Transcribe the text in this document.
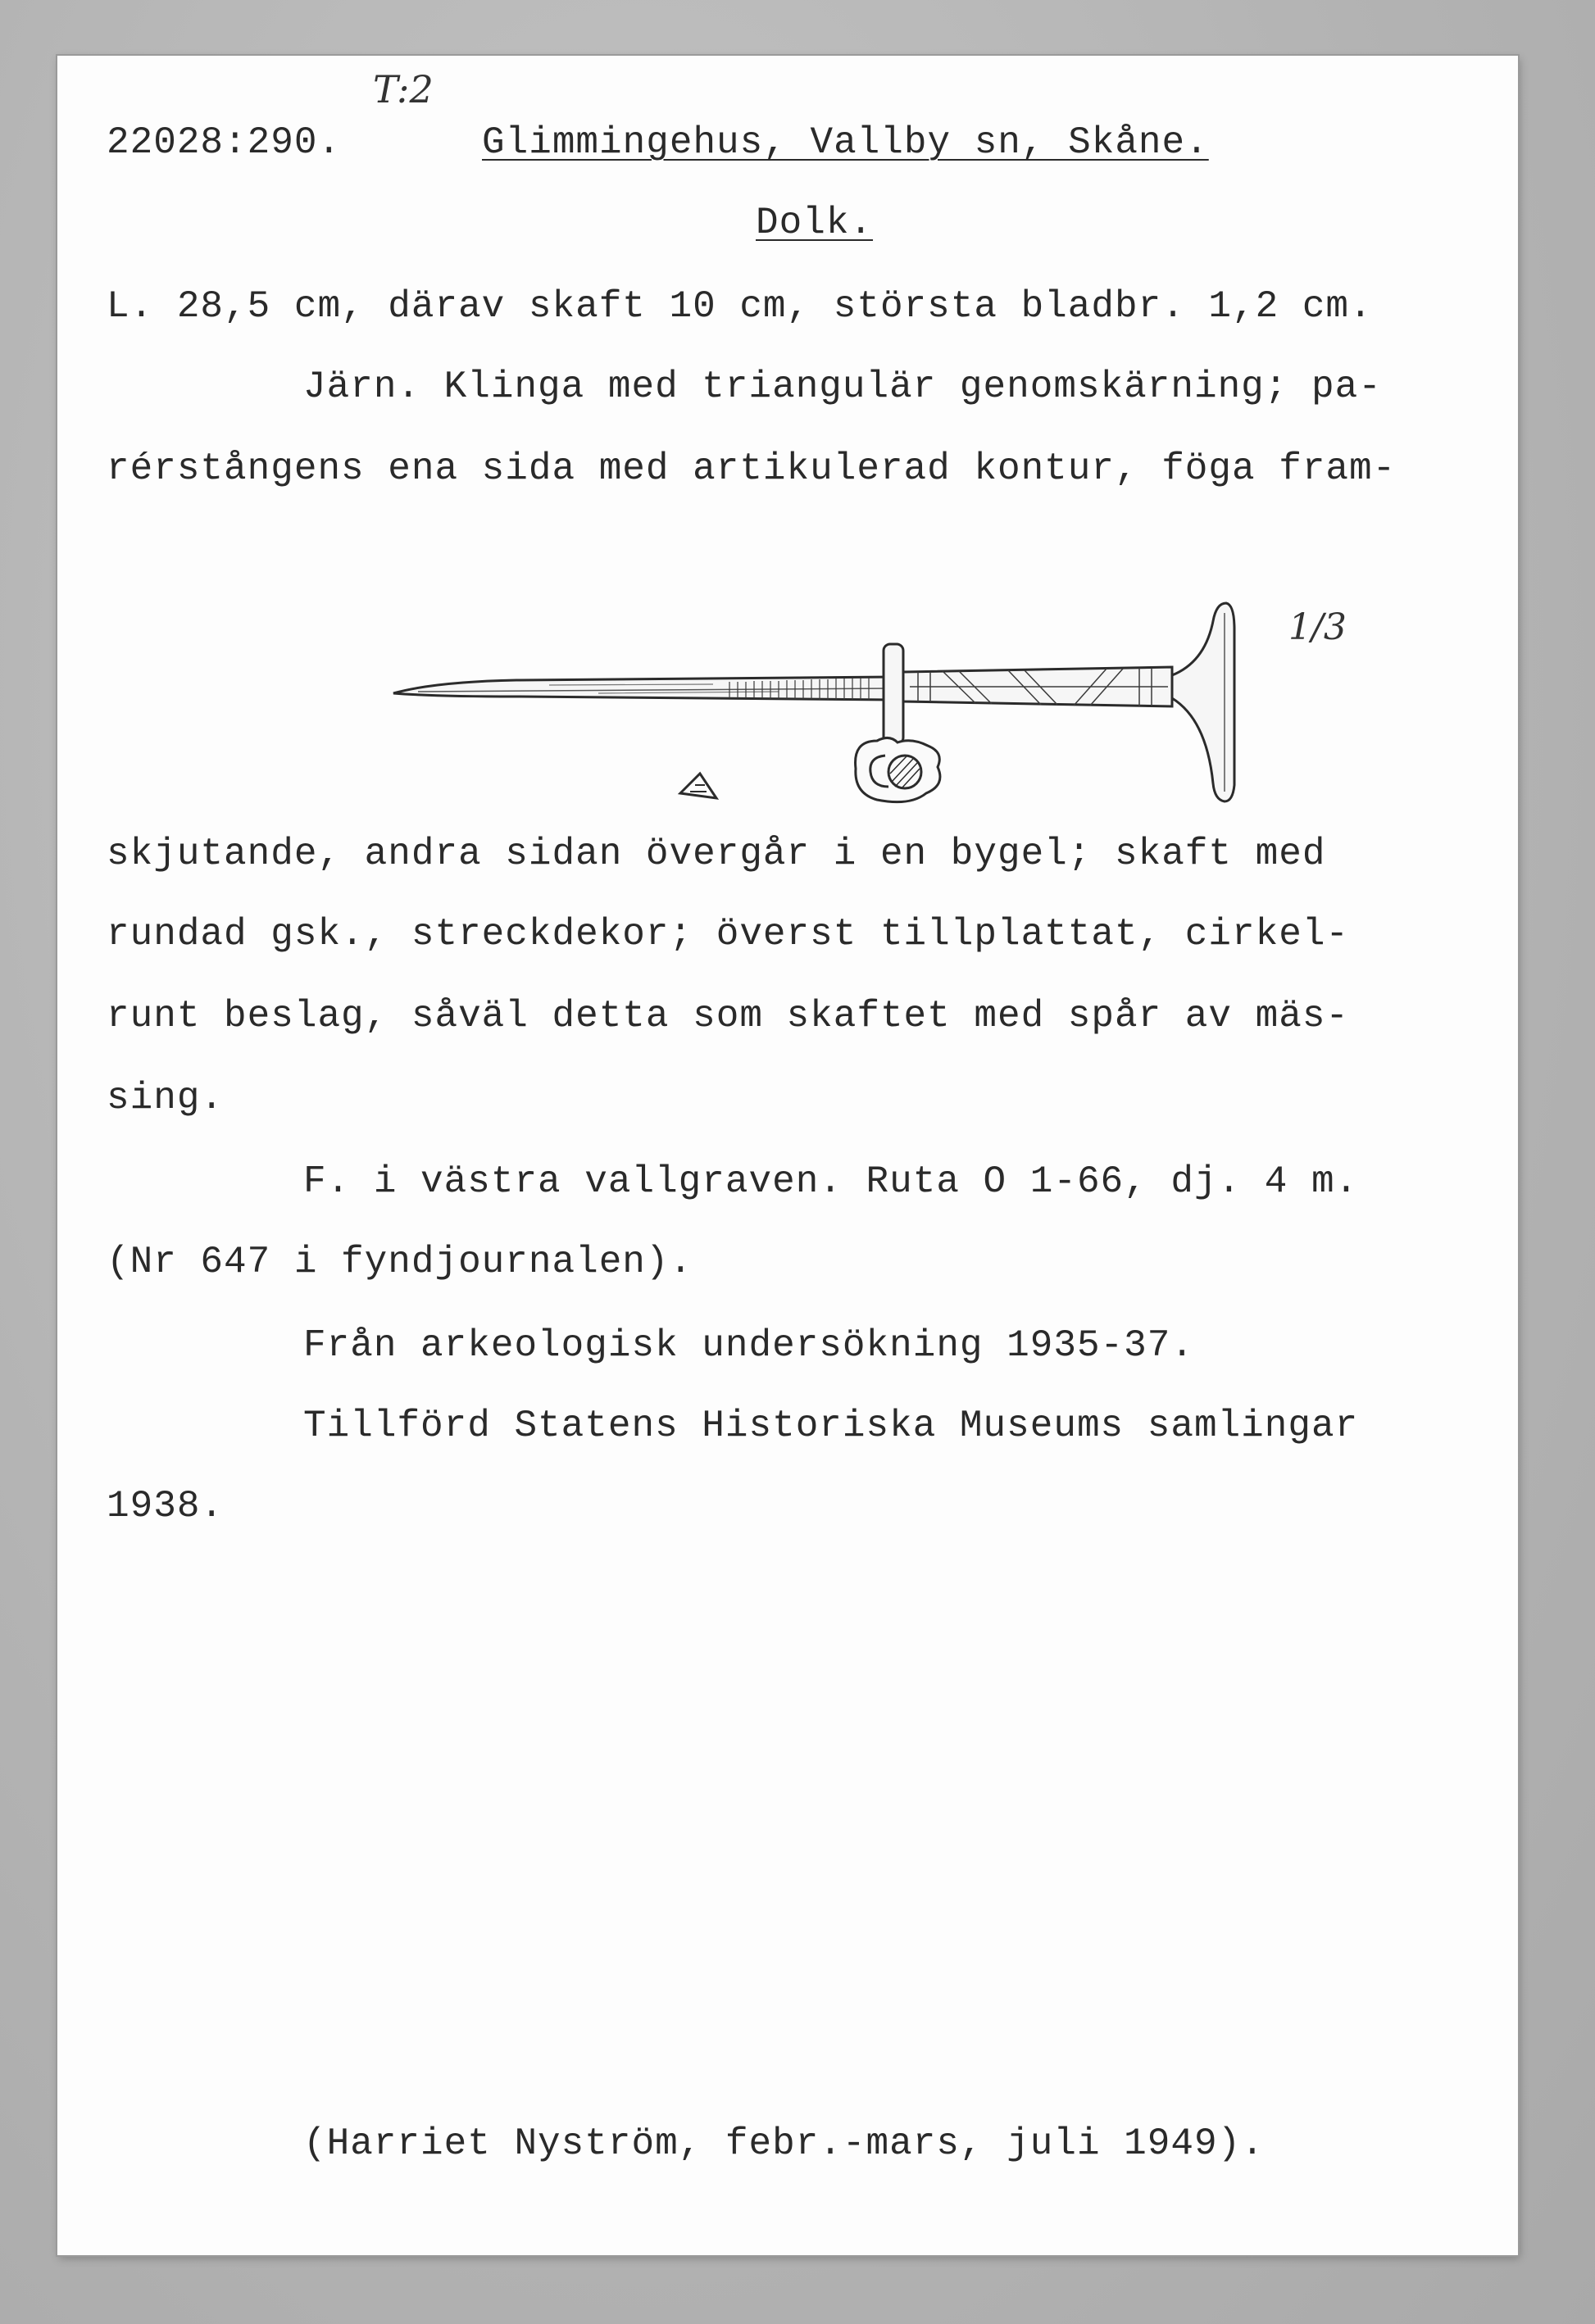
T:2

22028:290.	Glimmingehus, Vallby sn, Skåne.

Dolk.

L. 28,5 cm, därav skaft 10 cm, största bladbr. 1,2 cm.

Järn. Klinga med triangulär genomskärning; pa-

rérstångens ena sida med artikulerad kontur, föga fram-

1/3

skjutande, andra sidan övergår i en bygel; skaft med

rundad gsk., streckdekor; överst tillplattat, cirkel-

runt beslag, såväl detta som skaftet med spår av mäs-

sing.

F. i västra vallgraven. Ruta O 1-66, dj. 4 m.

(Nr 647 i fyndjournalen).

Från arkeologisk undersökning 1935-37.

Tillförd Statens Historiska Museums samlingar

1938.

(Harriet Nyström, febr.-mars, juli 1949).
